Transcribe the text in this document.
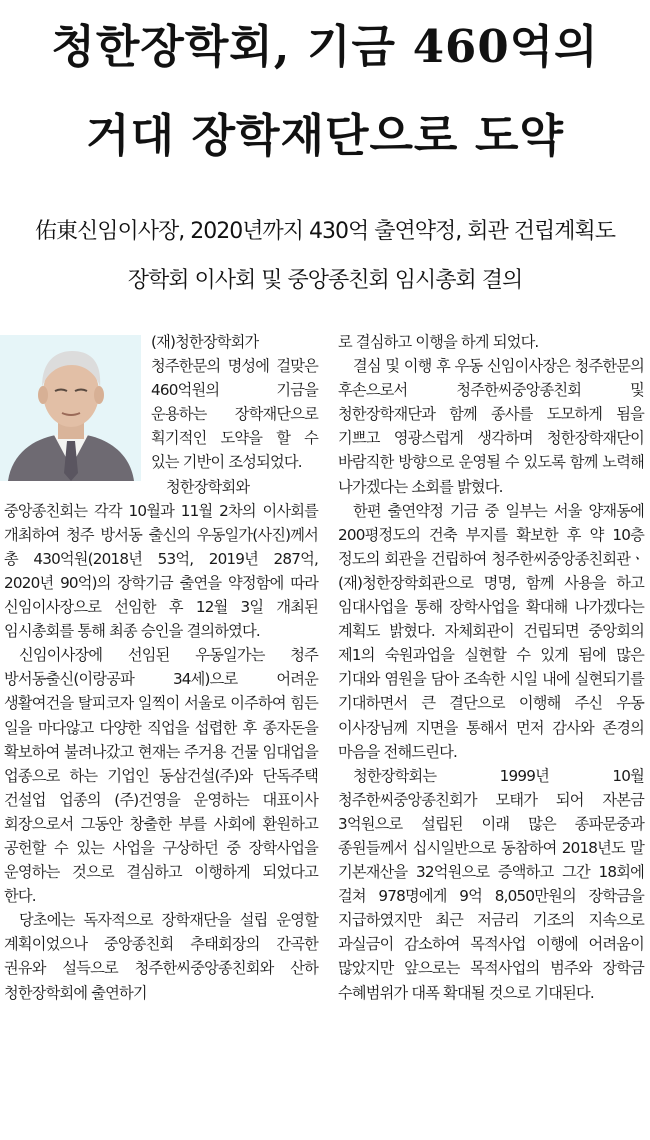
청한장학회, 기금 460억의
거대 장학재단으로 도약
佑東신임이사장, 2020년까지 430억 출연약정, 회관 건립계획도
장학회 이사회 및 중앙종친회 임시총회 결의

(재)청한장학회가 청주한문의 명성에 걸맞은 460억원의 기금을 운용하는 장학재단으로 획기적인 도약을 할 수 있는 기반이 조성되었다.

청한장학회와 중앙종친회는 각각 10월과 11월 2차의 이사회를 개최하여 청주 방서동 출신의 우동일가(사진)께서 총 430억원(2018년 53억, 2019년 287억, 2020년 90억)의 장학기금 출연을 약정함에 따라 신임이사장으로 선임한 후 12월 3일 개최된 임시총회를 통해 최종 승인을 결의하였다.

신임이사장에 선임된 우동일가는 청주 방서동출신(이랑공파 34세)으로 어려운 생활여건을 탈피코자 일찍이 서울로 이주하여 힘든 일을 마다않고 다양한 직업을 섭렵한 후 종자돈을 확보하여 불려나갔고 현재는 주거용 건물 임대업을 업종으로 하는 기업인 동삼건설(주)와 단독주택 건설업 업종의 (주)건영을 운영하는 대표이사 회장으로서 그동안 창출한 부를 사회에 환원하고 공헌할 수 있는 사업을 구상하던 중 장학사업을 운영하는 것으로 결심하고 이행하게 되었다고 한다.

당초에는 독자적으로 장학재단을 설립 운영할 계획이었으나 중앙종친회 추태회장의 간곡한 권유와 설득으로 청주한씨중앙종친회와 산하 청한장학회에 출연하기

로 결심하고 이행을 하게 되었다.

결심 및 이행 후 우동 신임이사장은 청주한문의 후손으로서 청주한씨중앙종친회 및 청한장학재단과 함께 종사를 도모하게 됨을 기쁘고 영광스럽게 생각하며 청한장학재단이 바람직한 방향으로 운영될 수 있도록 함께 노력해 나가겠다는 소회를 밝혔다.

한편 출연약정 기금 중 일부는 서울 양재동에 200평정도의 건축 부지를 확보한 후 약 10층 정도의 회관을 건립하여 청주한씨중앙종친회관ㆍ(재)청한장학회관으로 명명, 함께 사용을 하고 임대사업을 통해 장학사업을 확대해 나가겠다는 계획도 밝혔다. 자체회관이 건립되면 중앙회의 제1의 숙원과업을 실현할 수 있게 됨에 많은 기대와 염원을 담아 조속한 시일 내에 실현되기를 기대하면서 큰 결단으로 이행해 주신 우동 이사장님께 지면을 통해서 먼저 감사와 존경의 마음을 전해드린다.

청한장학회는 1999년 10월 청주한씨중앙종친회가 모태가 되어 자본금 3억원으로 설립된 이래 많은 종파문중과 종원들께서 십시일반으로 동참하여 2018년도 말 기본재산을 32억원으로 증액하고 그간 18회에 걸쳐 978명에게 9억 8,050만원의 장학금을 지급하였지만 최근 저금리 기조의 지속으로 과실금이 감소하여 목적사업 이행에 어려움이 많았지만 앞으로는 목적사업의 범주와 장학금 수혜범위가 대폭 확대될 것으로 기대된다.
